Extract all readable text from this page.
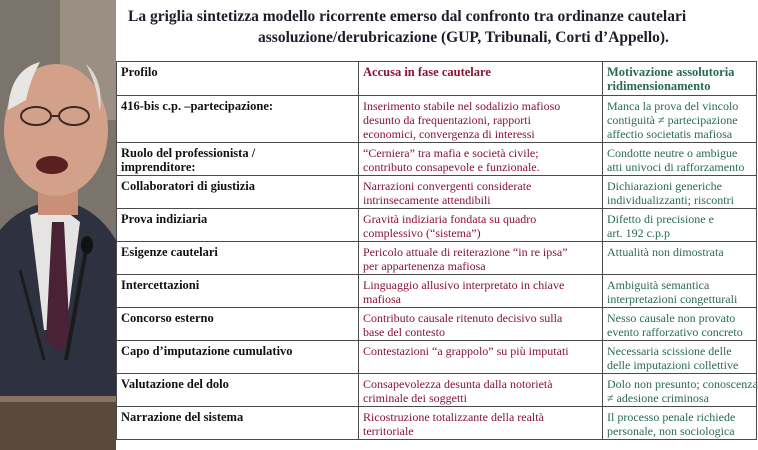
La griglia sintetizza modello ricorrente emerso dal confronto tra ordinanze cautelari
assoluzione/derubricazione (GUP, Tribunali, Corti d’Appello).
Profilo	Accusa in fase cautelare	Motivazione assolutoria
ridimensionamento

416-bis c.p. –partecipazione:	Inserimento stabile nel sodalizio mafioso
desunto da frequentazioni, rapporti
economici, convergenza di interessi	Manca la prova del vincolo
contiguità ≠ partecipazione
affectio societatis mafiosa

Ruolo del professionista /
imprenditore:	“Cerniera” tra mafia e società civile;
contributo consapevole e funzionale.	Condotte neutre o ambigue
atti univoci di rafforzamento

Collaboratori di giustizia	Narrazioni convergenti considerate
intrinsecamente attendibili	Dichiarazioni generiche
individualizzanti; riscontri

Prova indiziaria	Gravità indiziaria fondata su quadro
complessivo (“sistema”)	Difetto di precisione e
art. 192 c.p.p

Esigenze cautelari	Pericolo attuale di reiterazione “in re ipsa”
per appartenenza mafiosa	Attualità non dimostrata

Intercettazioni	Linguaggio allusivo interpretato in chiave
mafiosa	Ambiguità semantica
interpretazioni congetturali

Concorso esterno	Contributo causale ritenuto decisivo sulla
base del contesto	Nesso causale non provato
evento rafforzativo concreto

Capo d’imputazione cumulativo	Contestazioni “a grappolo” su più imputati	Necessaria scissione delle
delle imputazioni collettive

Valutazione del dolo	Consapevolezza desunta dalla notorietà
criminale dei soggetti	Dolo non presunto; conoscenza
≠ adesione criminosa

Narrazione del sistema	Ricostruzione totalizzante della realtà
territoriale	Il processo penale richiede
personale, non sociologica
